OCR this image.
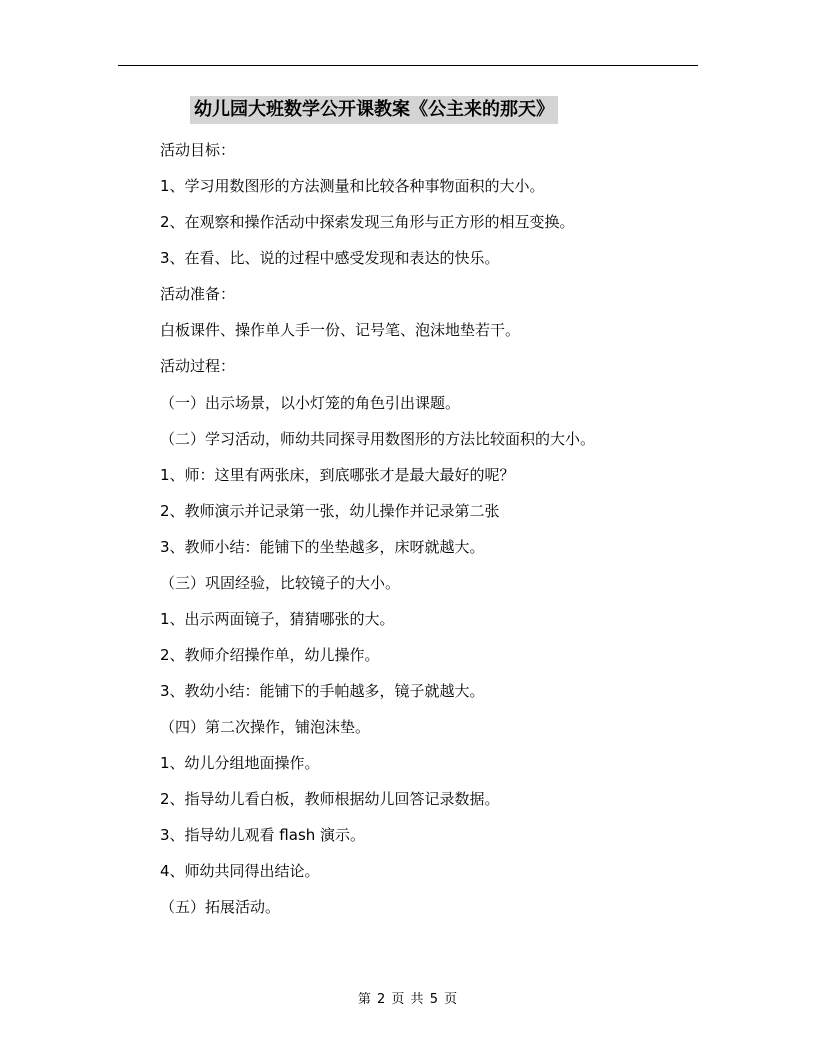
幼儿园大班数学公开课教案《公主来的那天》
活动目标：
1、学习用数图形的方法测量和比较各种事物面积的大小。
2、在观察和操作活动中探索发现三角形与正方形的相互变换。
3、在看、比、说的过程中感受发现和表达的快乐。
活动准备：
白板课件、操作单人手一份、记号笔、泡沫地垫若干。
活动过程：
（一）出示场景，以小灯笼的角色引出课题。
（二）学习活动，师幼共同探寻用数图形的方法比较面积的大小。
1、师：这里有两张床，到底哪张才是最大最好的呢？
2、教师演示并记录第一张，幼儿操作并记录第二张
3、教师小结：能铺下的坐垫越多，床呀就越大。
（三）巩固经验，比较镜子的大小。
1、出示两面镜子，猜猜哪张的大。
2、教师介绍操作单，幼儿操作。
3、教幼小结：能铺下的手帕越多，镜子就越大。
（四）第二次操作，铺泡沫垫。
1、幼儿分组地面操作。
2、指导幼儿看白板，教师根据幼儿回答记录数据。
3、指导幼儿观看 flash 演示。
4、师幼共同得出结论。
（五）拓展活动。
第 2 页 共 5 页
